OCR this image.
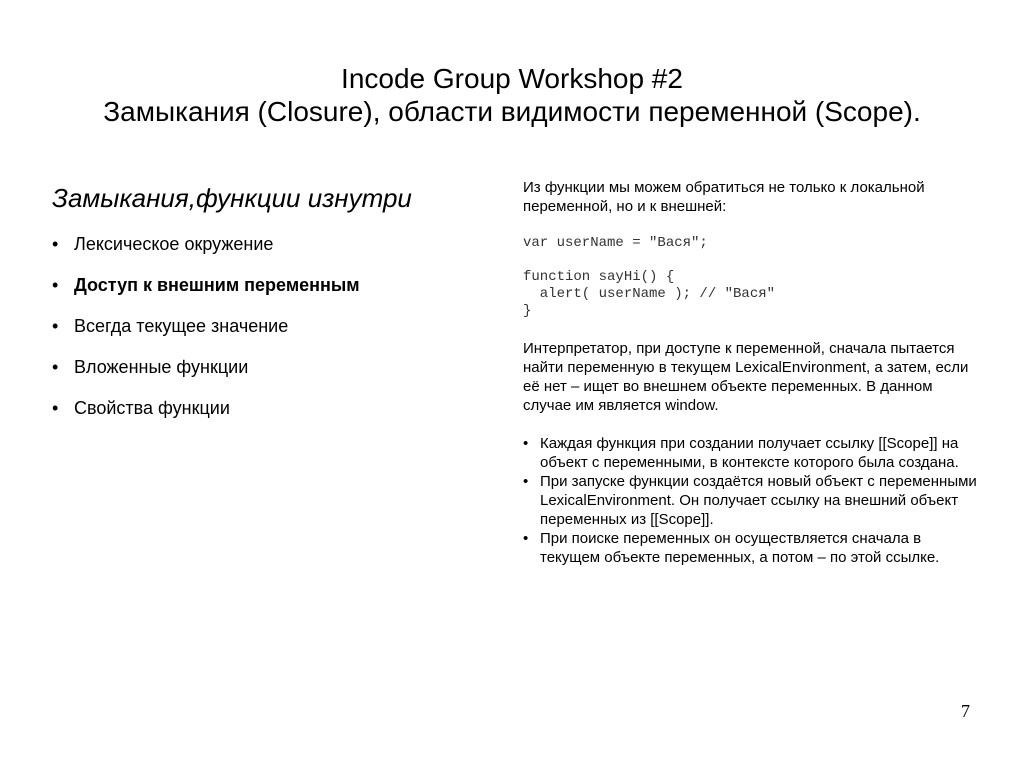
Incode Group Workshop #2
Замыкания (Closure), области видимости переменной (Scope).
Замыкания,функции изнутри
• Лексическое окружение
• Доступ к внешним переменным
• Всегда текущее значение
• Вложенные функции
• Свойства функции

Из функции мы можем обратиться не только к локальной переменной, но и к внешней:

var userName = "Вася";

function sayHi() {
alert( userName ); // "Вася"
}

Интерпретатор, при доступе к переменной, сначала пытается найти переменную в текущем LexicalEnvironment, а затем, если её нет – ищет во внешнем объекте переменных. В данном случае им является window.

• Каждая функция при создании получает ссылку [[Scope]] на объект с переменными, в контексте которого была создана.
• При запуске функции создаётся новый объект с переменными LexicalEnvironment. Он получает ссылку на внешний объект переменных из [[Scope]].
• При поиске переменных он осуществляется сначала в текущем объекте переменных, а потом – по этой ссылке.
7
